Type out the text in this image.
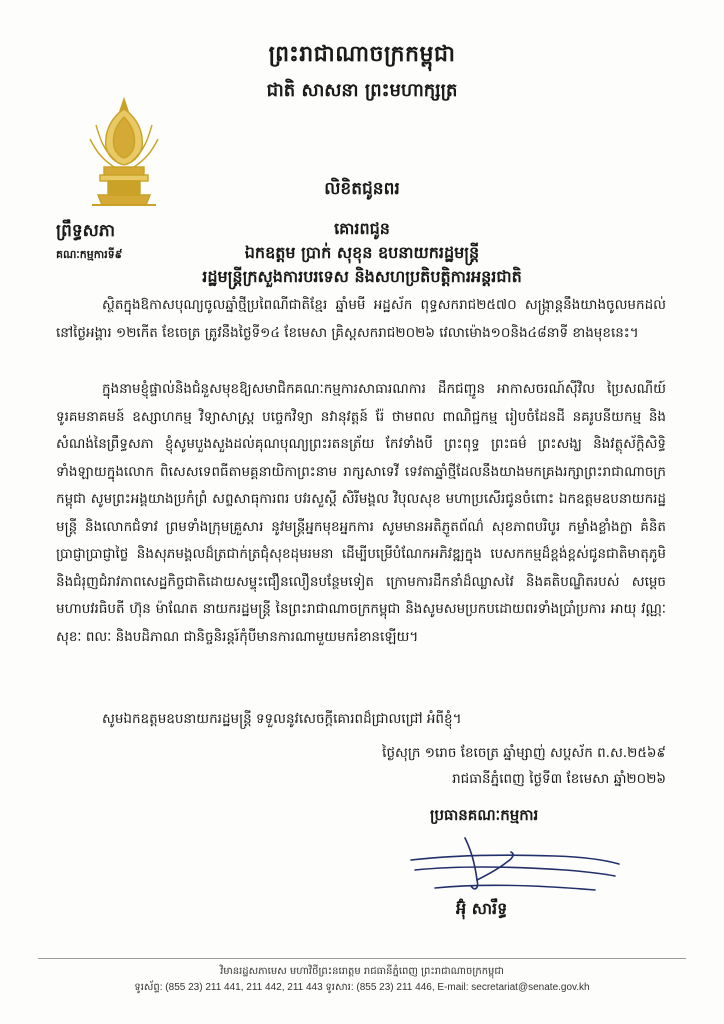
ព្រះរាជាណាចក្រកម្ពុជា
ជាតិ សាសនា ព្រះមហាក្សត្រ
ព្រឹទ្ធសភា
គណៈកម្មការទី៩
លិខិតជូនពរ
គោរពជូន
ឯកឧត្តម ប្រាក់ សុខុន ឧបនាយករដ្ឋមន្ត្រី
រដ្ឋមន្ត្រីក្រសួងការបរទេស និងសហប្រតិបត្តិការអន្តរជាតិ
ស្ថិតក្នុងឱកាសបុណ្យចូលឆ្នាំថ្មីប្រពៃណីជាតិខ្មែរ ឆ្នាំមមី អដ្ឋស័ក ពុទ្ធសករាជ២៥៧០ សង្ក្រាន្តនឹងយាងចូលមកដល់នៅថ្ងៃអង្គារ ១២កើត ខែចេត្រ ត្រូវនឹងថ្ងៃទី១៤ ខែមេសា គ្រិស្តសករាជ២០២៦ វេលាម៉ោង១០និង៤៨នាទី ខាងមុខនេះ។
ក្នុងនាមខ្ញុំផ្ទាល់និងជំនួសមុខឱ្យសមាជិកគណៈកម្មការសាធារណការ ដឹកជញ្ជូន អាកាសចរណ៍ស៊ីវិល ប្រៃសណីយ៍ ទូរគមនាគមន៍ ឧស្សាហកម្ម វិទ្យាសាស្ត្រ បច្ចេកវិទ្យា នវានុវត្តន៍ រ៉ែ ថាមពល ពាណិជ្ជកម្ម រៀបចំដែនដី នគរូបនីយកម្ម និងសំណង់នៃព្រឹទ្ធសភា ខ្ញុំសូមបួងសួងដល់គុណបុណ្យព្រះរតនត្រ័យ កែវទាំងបី ព្រះពុទ្ធ ព្រះធម៌ ព្រះសង្ឃ និងវត្ថុស័ក្តិសិទ្ធិទាំងឡាយក្នុងលោក ពិសេសទេពធីតាមគ្គនាយិកាព្រះនាម រាក្សសាទេវី ទេវតាឆ្នាំថ្មីដែលនឹងយាងមកគ្រងរក្សាព្រះរាជាណាចក្រកម្ពុជា សូមព្រះអង្គយាងប្រកំព្រំ សព្ទសាធុការពរ បវរសួស្តី សិរីមង្គល វិបុលសុខ មហាប្រសើរជូនចំពោះ ឯកឧត្តមឧបនាយករដ្ឋមន្ត្រី និងលោកជំទាវ ព្រមទាំងក្រុមគ្រួសារ នូវមន្ត្រីអ្នកមុខអ្នកការ សូមមានអតិភ្ញូតព័ណ៌ សុខភាពបរិបូរ កម្លាំងខ្លាំងក្លា គំនិតប្រាជ្ញាប្រាជ្ញាថ្លៃ និងសុភមង្គលដ៏ត្រជាក់ត្រជុំសុខដុមរមនា ដើម្បីបម្រើបំណែកអភិវឌ្ឍក្នុង បេសកកម្មដ៏ខ្ពង់ខ្ពស់ជូនជាតិមាតុភូមិ និងជំរុញជំរាវភាពសេដ្ឋកិច្ចជាតិដោយសម្ទុះជឿនលឿនបន្ថែមទៀត ក្រោមការដឹកនាំដ៏ឈ្លាសវៃ និងគតិបណ្ឌិតរបស់ សម្តេចមហាបវរធិបតី ហ៊ុន ម៉ាណែត នាយករដ្ឋមន្ត្រី នៃព្រះរាជាណាចក្រកម្ពុជា និងសូមសមប្រកបដោយពរទាំងប្រាំប្រការ អាយុ វណ្ណៈ សុខៈ ពលៈ និងបដិភាណ ជានិច្ចនិរន្តរ៍កុំបីមានការណាមួយមករំខានឡើយ។
សូមឯកឧត្តមឧបនាយករដ្ឋមន្ត្រី ទទួលនូវសេចក្តីគោរពដ៏ជ្រាលជ្រៅ អំពីខ្ញុំ។
ថ្ងៃសុក្រ ១រោច ខែចេត្រ ឆ្នាំម្សាញ់ សប្តស័ក ព.ស.២៥៦៩
រាជធានីភ្នំពេញ ថ្ងៃទី៣ ខែមេសា ឆ្នាំ២០២៦
ប្រធានគណៈកម្មការ
អ៊ុំ សារឹទ្ធ
វិមានរដ្ឋសភាមេស មហាវិថីព្រះនរោត្តម រាជធានីភ្នំពេញ ព្រះរាជាណាចក្រកម្ពុជា
ទូរស័ព្ទ: (855 23) 211 441, 211 442, 211 443 ទូរសារ: (855 23) 211 446, E-mail: secretariat@senate.gov.kh
